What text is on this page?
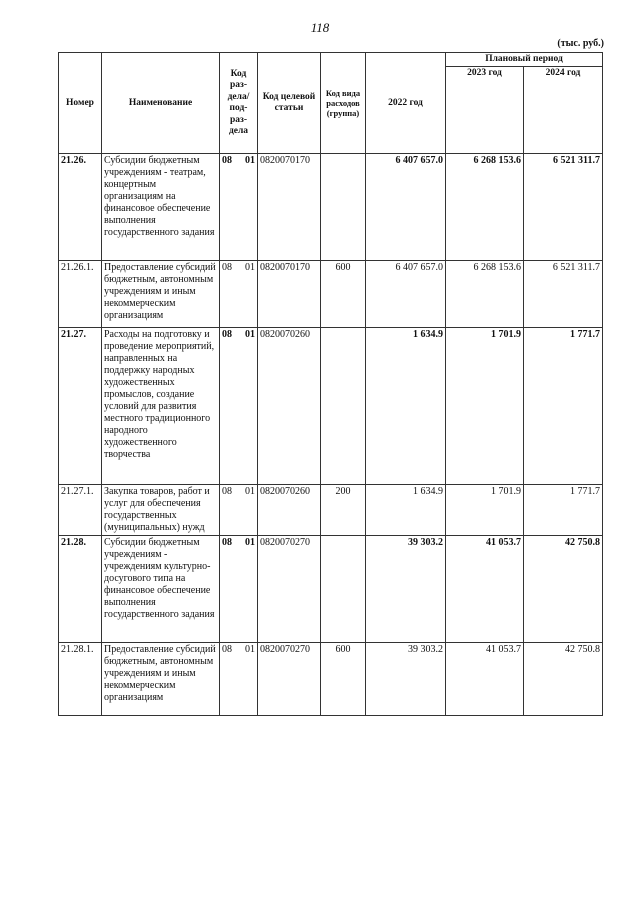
118
(тыс. руб.)
Номер	Наименование	Код раз-дела/ под-раз-дела	Код целевой статьи	Код вида расходов (группа)	2022 год	Плановый период	
						2023 год	2024 год
21.26.	Субсидии бюджетным учреждениям - театрам, концертным организациям на финансовое обеспечение выполнения государственного задания	08 01	0820070170		6 407 657.0	6 268 153.6	6 521 311.7
21.26.1.	Предоставление субсидий бюджетным, автономным учреждениям и иным некоммерческим организациям	08 01	0820070170	600	6 407 657.0	6 268 153.6	6 521 311.7
21.27.	Расходы на подготовку и проведение мероприятий, направленных на поддержку народных художественных промыслов, создание условий для развития местного традиционного народного художественного творчества	08 01	0820070260		1 634.9	1 701.9	1 771.7
21.27.1.	Закупка товаров, работ и услуг для обеспечения государственных (муниципальных) нужд	08 01	0820070260	200	1 634.9	1 701.9	1 771.7
21.28.	Субсидии бюджетным учреждениям - учреждениям культурно-досугового типа на финансовое обеспечение выполнения государственного задания	08 01	0820070270		39 303.2	41 053.7	42 750.8
21.28.1.	Предоставление субсидий бюджетным, автономным учреждениям и иным некоммерческим организациям	08 01	0820070270	600	39 303.2	41 053.7	42 750.8
